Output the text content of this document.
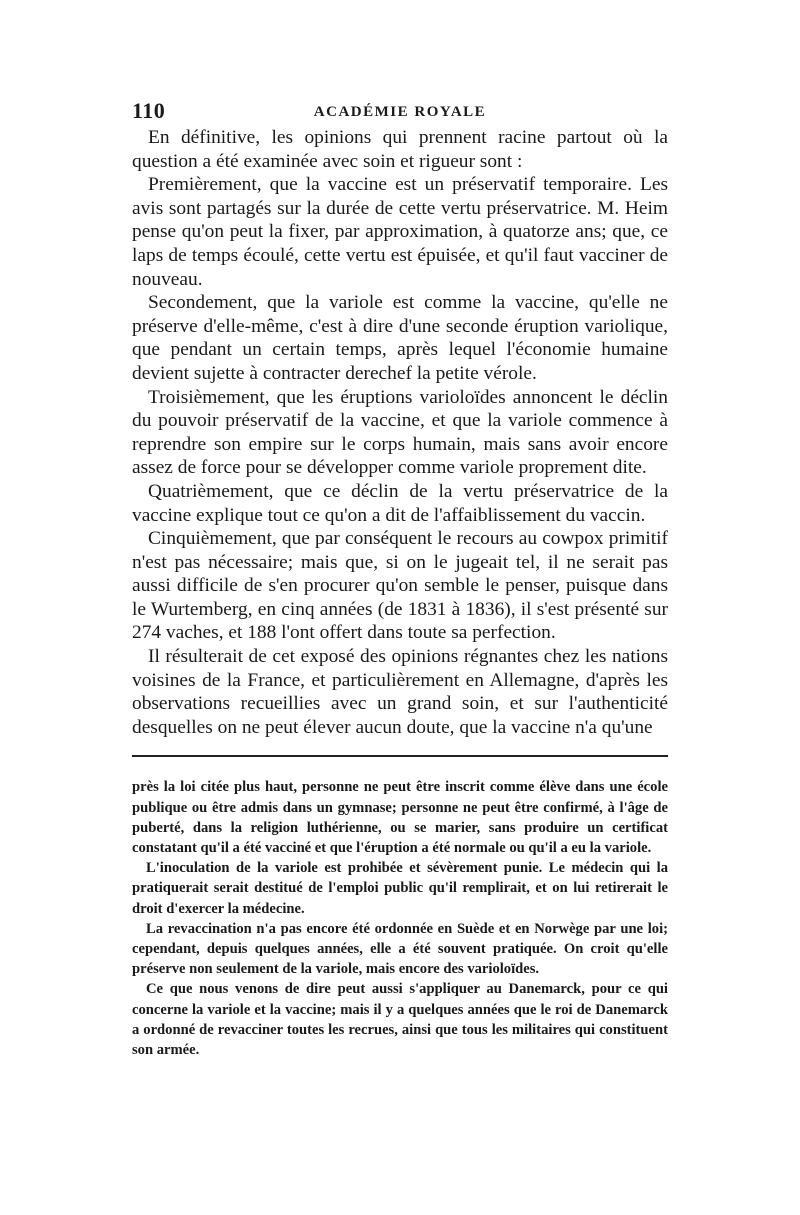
110	ACADÉMIE ROYALE

En définitive, les opinions qui prennent racine partout où la question a été examinée avec soin et rigueur sont :

Premièrement, que la vaccine est un préservatif temporaire. Les avis sont partagés sur la durée de cette vertu préservatrice. M. Heim pense qu'on peut la fixer, par approximation, à quatorze ans; que, ce laps de temps écoulé, cette vertu est épuisée, et qu'il faut vacciner de nouveau.

Secondement, que la variole est comme la vaccine, qu'elle ne préserve d'elle-même, c'est à dire d'une seconde éruption variolique, que pendant un certain temps, après lequel l'économie humaine devient sujette à contracter derechef la petite vérole.

Troisièmement, que les éruptions varioloïdes annoncent le déclin du pouvoir préservatif de la vaccine, et que la variole commence à reprendre son empire sur le corps humain, mais sans avoir encore assez de force pour se développer comme variole proprement dite.

Quatrièmement, que ce déclin de la vertu préservatrice de la vaccine explique tout ce qu'on a dit de l'affaiblissement du vaccin.

Cinquièmement, que par conséquent le recours au cowpox primitif n'est pas nécessaire; mais que, si on le jugeait tel, il ne serait pas aussi difficile de s'en procurer qu'on semble le penser, puisque dans le Wurtemberg, en cinq années (de 1831 à 1836), il s'est présenté sur 274 vaches, et 188 l'ont offert dans toute sa perfection.

Il résulterait de cet exposé des opinions régnantes chez les nations voisines de la France, et particulièrement en Allemagne, d'après les observations recueillies avec un grand soin, et sur l'authenticité desquelles on ne peut élever aucun doute, que la vaccine n'a qu'une

près la loi citée plus haut, personne ne peut être inscrit comme élève dans une école publique ou être admis dans un gymnase; personne ne peut être confirmé, à l'âge de puberté, dans la religion luthérienne, ou se marier, sans produire un certificat constatant qu'il a été vacciné et que l'éruption a été normale ou qu'il a eu la variole.

L'inoculation de la variole est prohibée et sévèrement punie. Le médecin qui la pratiquerait serait destitué de l'emploi public qu'il remplirait, et on lui retirerait le droit d'exercer la médecine.

La revaccination n'a pas encore été ordonnée en Suède et en Norwège par une loi; cependant, depuis quelques années, elle a été souvent pratiquée. On croit qu'elle préserve non seulement de la variole, mais encore des varioloïdes.

Ce que nous venons de dire peut aussi s'appliquer au Danemarck, pour ce qui concerne la variole et la vaccine; mais il y a quelques années que le roi de Danemarck a ordonné de revacciner toutes les recrues, ainsi que tous les militaires qui constituent son armée.
